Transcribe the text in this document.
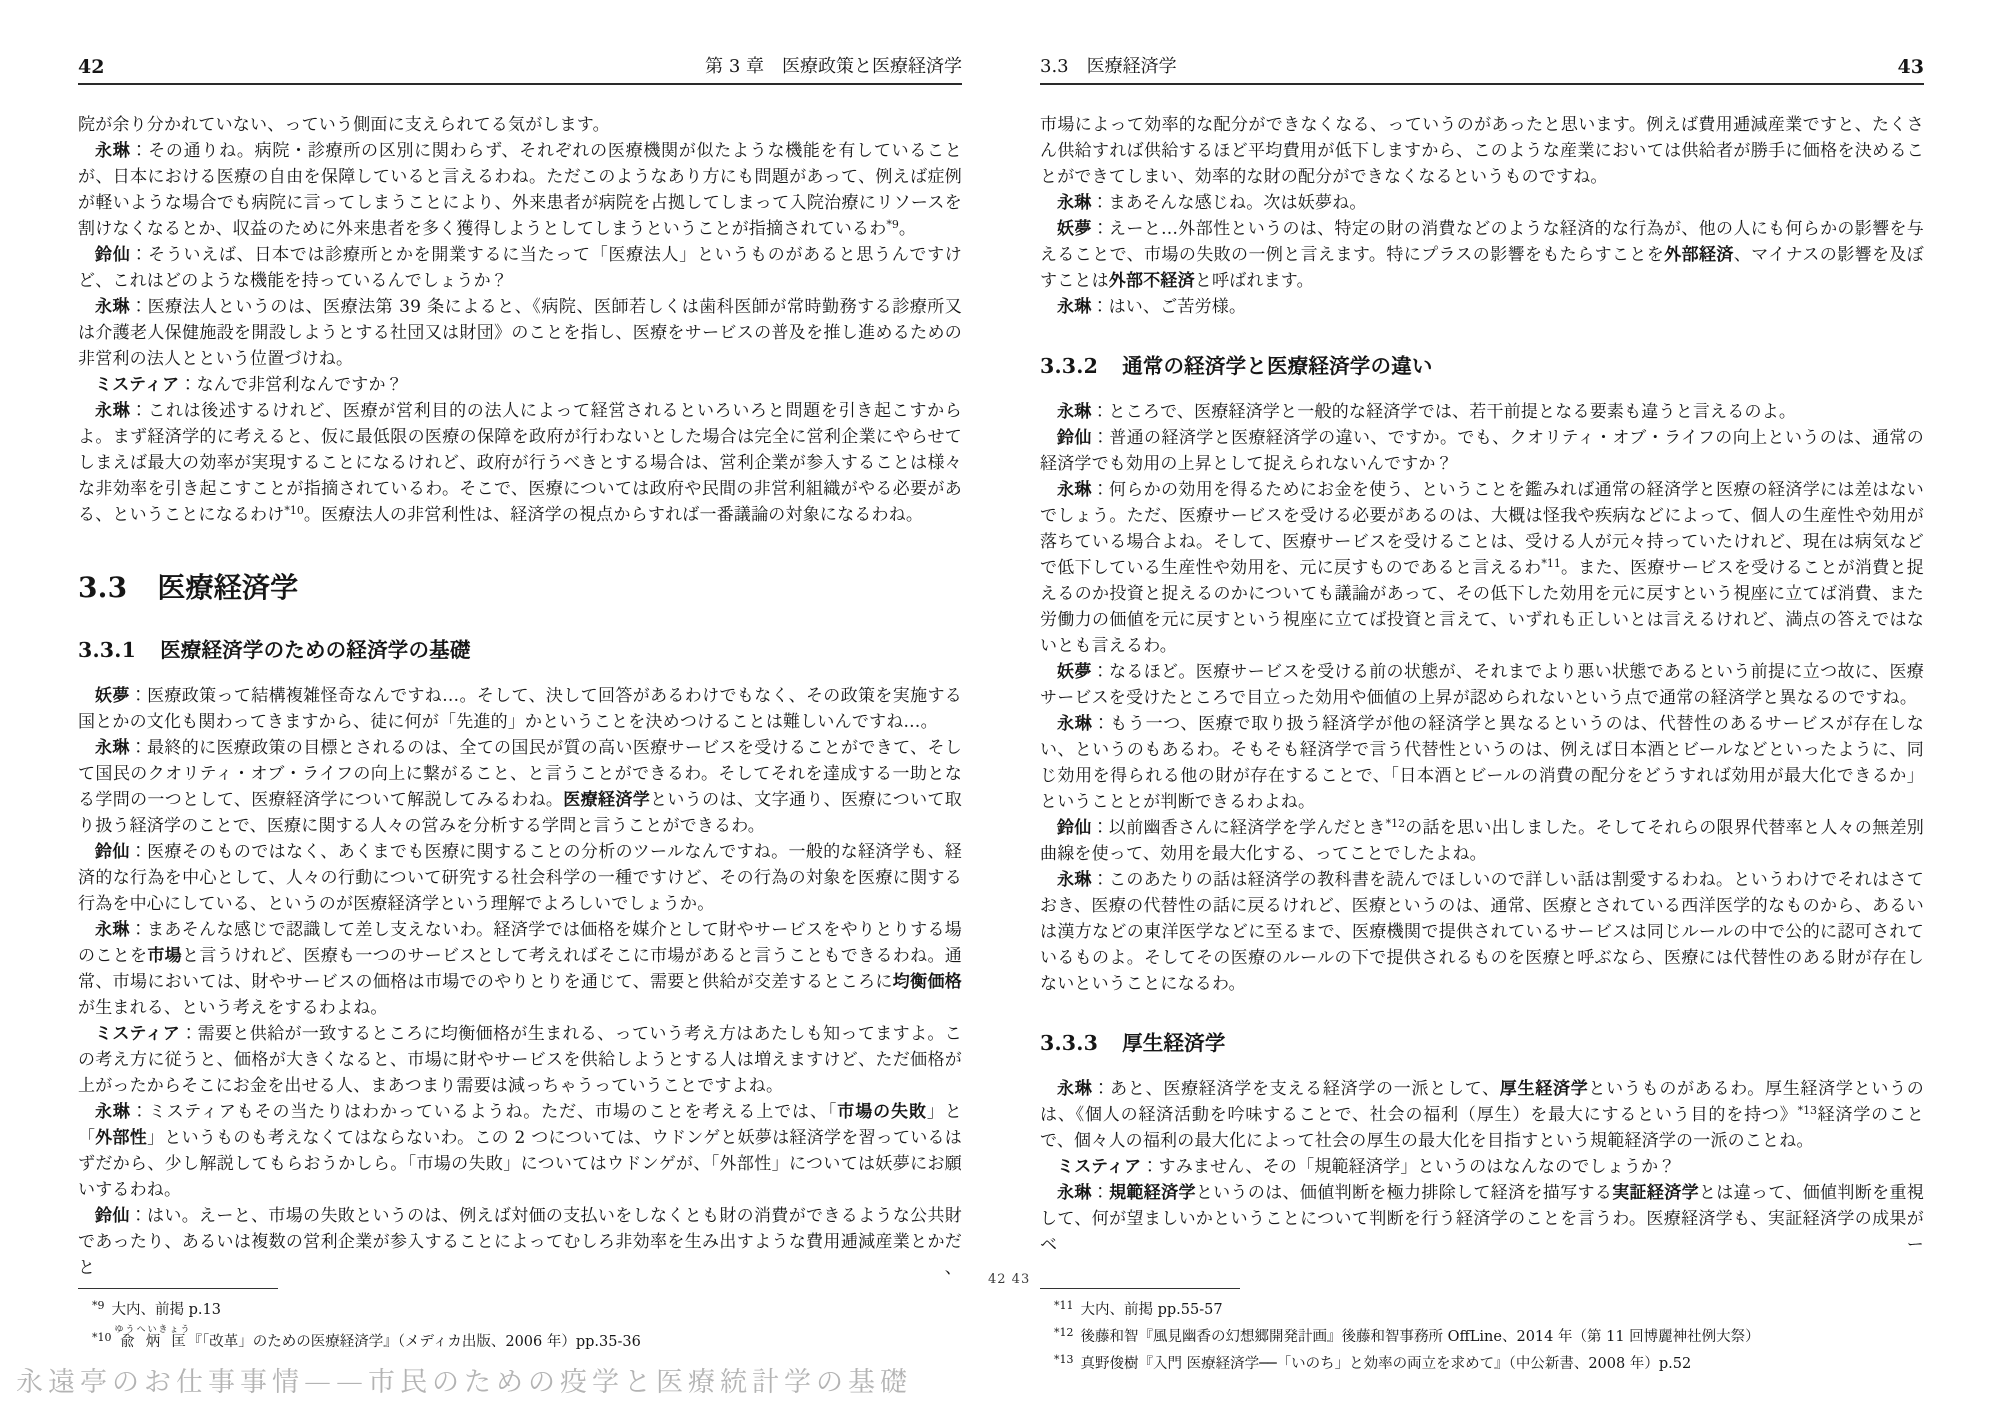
42	第 3 章　医療政策と医療経済学

院が余り分かれていない、っていう側面に支えられてる気がします。

永琳：その通りね。病院・診療所の区別に関わらず、それぞれの医療機関が似たような機能を有していることが、日本における医療の自由を保障していると言えるわね。ただこのようなあり方にも問題があって、例えば症例が軽いような場合でも病院に言ってしまうことにより、外来患者が病院を占拠してしまって入院治療にリソースを割けなくなるとか、収益のために外来患者を多く獲得しようとしてしまうということが指摘されているわ$^{*9}$。

鈴仙：そういえば、日本では診療所とかを開業するに当たって「医療法人」というものがあると思うんですけど、これはどのような機能を持っているんでしょうか？

永琳：医療法人というのは、医療法第 39 条によると、《病院、医師若しくは歯科医師が常時勤務する診療所又は介護老人保健施設を開設しようとする社団又は財団》のことを指し、医療をサービスの普及を推し進めるための非営利の法人とという位置づけね。

ミスティア：なんで非営利なんですか？

永琳：これは後述するけれど、医療が営利目的の法人によって経営されるといろいろと問題を引き起こすからよ。まず経済学的に考えると、仮に最低限の医療の保障を政府が行わないとした場合は完全に営利企業にやらせてしまえば最大の効率が実現することになるけれど、政府が行うべきとする場合は、営利企業が参入することは様々な非効率を引き起こすことが指摘されているわ。そこで、医療については政府や民間の非営利組織がやる必要がある、ということになるわけ$^{*10}$。医療法人の非営利性は、経済学の視点からすれば一番議論の対象になるわね。

3.3 医療経済学
3.3.1 医療経済学のための経済学の基礎

妖夢：医療政策って結構複雑怪奇なんですね…。そして、決して回答があるわけでもなく、その政策を実施する国とかの文化も関わってきますから、徒に何が「先進的」かということを決めつけることは難しいんですね…。

永琳：最終的に医療政策の目標とされるのは、全ての国民が質の高い医療サービスを受けることができて、そして国民のクオリティ・オブ・ライフの向上に繋がること、と言うことができるわ。そしてそれを達成する一助となる学問の一つとして、医療経済学について解説してみるわね。医療経済学というのは、文字通り、医療について取り扱う経済学のことで、医療に関する人々の営みを分析する学問と言うことができるわ。

鈴仙：医療そのものではなく、あくまでも医療に関することの分析のツールなんですね。一般的な経済学も、経済的な行為を中心として、人々の行動について研究する社会科学の一種ですけど、その行為の対象を医療に関する行為を中心にしている、というのが医療経済学という理解でよろしいでしょうか。

永琳：まあそんな感じで認識して差し支えないわ。経済学では価格を媒介として財やサービスをやりとりする場のことを市場と言うけれど、医療も一つのサービスとして考えればそこに市場があると言うこともできるわね。通常、市場においては、財やサービスの価格は市場でのやりとりを通じて、需要と供給が交差するところに均衡価格が生まれる、という考えをするわよね。

ミスティア：需要と供給が一致するところに均衡価格が生まれる、っていう考え方はあたしも知ってますよ。この考え方に従うと、価格が大きくなると、市場に財やサービスを供給しようとする人は増えますけど、ただ価格が上がったからそこにお金を出せる人、まあつまり需要は減っちゃうっていうことですよね。

永琳：ミスティアもその当たりはわかっているようね。ただ、市場のことを考える上では、「市場の失敗」と「外部性」というものも考えなくてはならないわ。この 2 つについては、ウドンゲと妖夢は経済学を習っているはずだから、少し解説してもらおうかしら。「市場の失敗」についてはウドンゲが、「外部性」については妖夢にお願いするわね。

鈴仙：はい。えーと、市場の失敗というのは、例えば対価の支払いをしなくとも財の消費ができるような公共財であったり、あるいは複数の営利企業が参入することによってむしろ非効率を生み出すような費用逓減産業とかだと、

$^{*9}$ 大内、前掲 p.13
$^{*10}$ 兪炳匡ゆうへいきょう『「改革」のための医療経済学』（メディカ出版、2006 年）pp.35-36
3.3　医療経済学	43

市場によって効率的な配分ができなくなる、っていうのがあったと思います。例えば費用逓減産業ですと、たくさん供給すれば供給するほど平均費用が低下しますから、このような産業においては供給者が勝手に価格を決めることができてしまい、効率的な財の配分ができなくなるというものですね。

永琳：まあそんな感じね。次は妖夢ね。

妖夢：えーと…外部性というのは、特定の財の消費などのような経済的な行為が、他の人にも何らかの影響を与えることで、市場の失敗の一例と言えます。特にプラスの影響をもたらすことを外部経済、マイナスの影響を及ぼすことは外部不経済と呼ばれます。

永琳：はい、ご苦労様。

3.3.2 通常の経済学と医療経済学の違い

永琳：ところで、医療経済学と一般的な経済学では、若干前提となる要素も違うと言えるのよ。

鈴仙：普通の経済学と医療経済学の違い、ですか。でも、クオリティ・オブ・ライフの向上というのは、通常の経済学でも効用の上昇として捉えられないんですか？

永琳：何らかの効用を得るためにお金を使う、ということを鑑みれば通常の経済学と医療の経済学には差はないでしょう。ただ、医療サービスを受ける必要があるのは、大概は怪我や疾病などによって、個人の生産性や効用が落ちている場合よね。そして、医療サービスを受けることは、受ける人が元々持っていたけれど、現在は病気などで低下している生産性や効用を、元に戻すものであると言えるわ$^{*11}$。また、医療サービスを受けることが消費と捉えるのか投資と捉えるのかについても議論があって、その低下した効用を元に戻すという視座に立てば消費、また労働力の価値を元に戻すという視座に立てば投資と言えて、いずれも正しいとは言えるけれど、満点の答えではないとも言えるわ。

妖夢：なるほど。医療サービスを受ける前の状態が、それまでより悪い状態であるという前提に立つ故に、医療サービスを受けたところで目立った効用や価値の上昇が認められないという点で通常の経済学と異なるのですね。

永琳：もう一つ、医療で取り扱う経済学が他の経済学と異なるというのは、代替性のあるサービスが存在しない、というのもあるわ。そもそも経済学で言う代替性というのは、例えば日本酒とビールなどといったように、同じ効用を得られる他の財が存在することで、「日本酒とビールの消費の配分をどうすれば効用が最大化できるか」ということとが判断できるわよね。

鈴仙：以前幽香さんに経済学を学んだとき$^{*12}$の話を思い出しました。そしてそれらの限界代替率と人々の無差別曲線を使って、効用を最大化する、ってことでしたよね。

永琳：このあたりの話は経済学の教科書を読んでほしいので詳しい話は割愛するわね。というわけでそれはさておき、医療の代替性の話に戻るけれど、医療というのは、通常、医療とされている西洋医学的なものから、あるいは漢方などの東洋医学などに至るまで、医療機関で提供されているサービスは同じルールの中で公的に認可されているものよ。そしてその医療のルールの下で提供されるものを医療と呼ぶなら、医療には代替性のある財が存在しないということになるわ。

3.3.3 厚生経済学

永琳：あと、医療経済学を支える経済学の一派として、厚生経済学というものがあるわ。厚生経済学というのは、《個人の経済活動を吟味することで、社会の福利（厚生）を最大にするという目的を持つ》$^{*13}$経済学のことで、個々人の福利の最大化によって社会の厚生の最大化を目指すという規範経済学の一派のことね。

ミスティア：すみません、その「規範経済学」というのはなんなのでしょうか？

永琳：規範経済学というのは、価値判断を極力排除して経済を描写する実証経済学とは違って、価値判断を重視して、何が望ましいかということについて判断を行う経済学のことを言うわ。医療経済学も、実証経済学の成果がベー

$^{*11}$ 大内、前掲 pp.55-57
$^{*12}$ 後藤和智『風見幽香の幻想郷開発計画』後藤和智事務所 OffLine、2014 年（第 11 回博麗神社例大祭）
$^{*13}$ 真野俊樹『入門 医療経済学──「いのち」と効率の両立を求めて』（中公新書、2008 年）p.52
42 43
永遠亭のお仕事事情——市民のための疫学と医療統計学の基礎
